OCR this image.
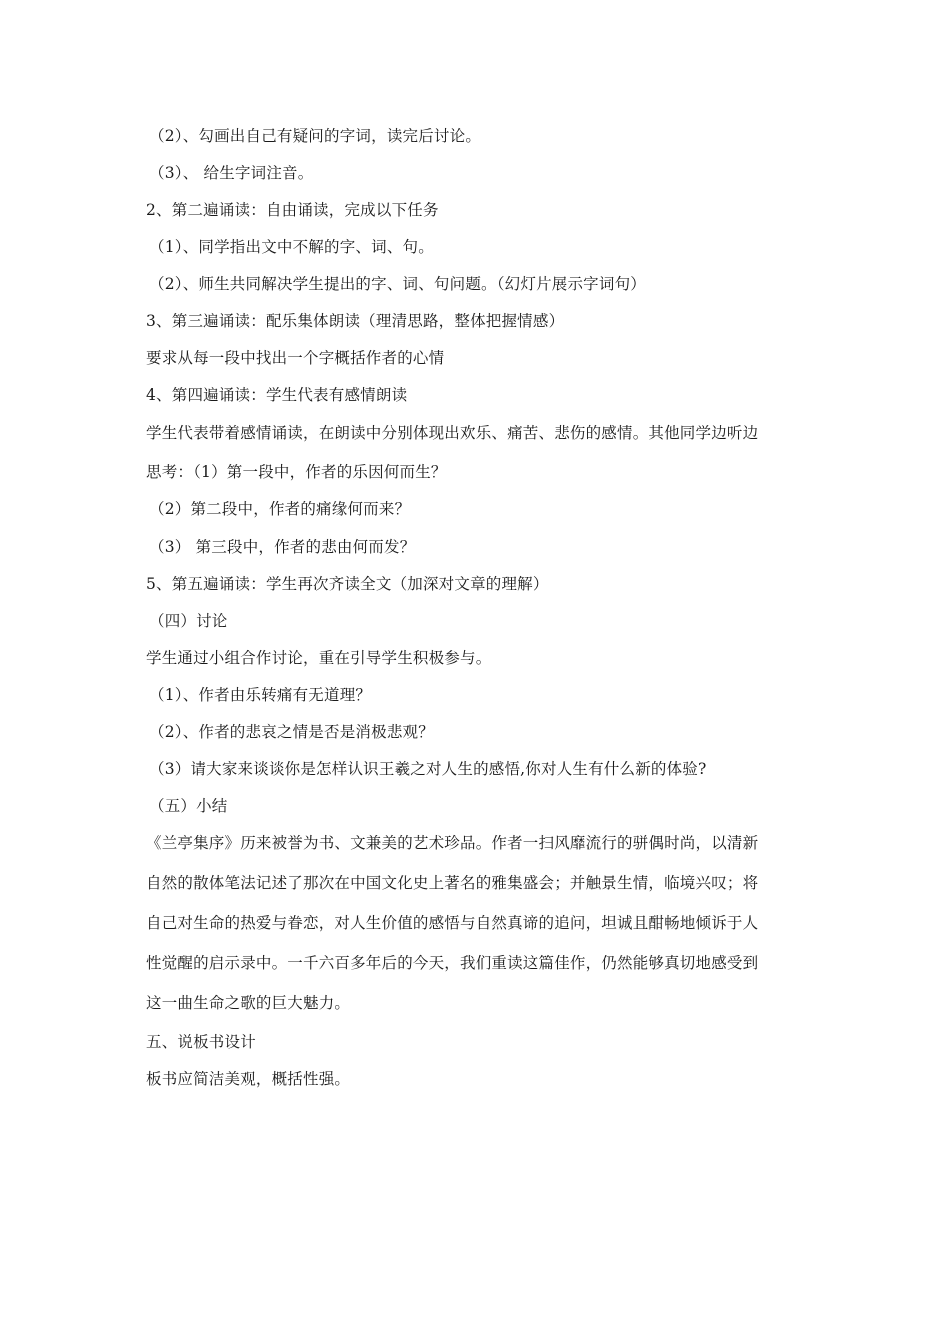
（2）、勾画出自己有疑问的字词，读完后讨论。
（3）、 给生字词注音。
2、第二遍诵读：自由诵读，完成以下任务
（1）、同学指出文中不解的字、词、句。
（2）、师生共同解决学生提出的字、词、句问题。（幻灯片展示字词句）
3、第三遍诵读：配乐集体朗读（理清思路，整体把握情感）
要求从每一段中找出一个字概括作者的心情
4、第四遍诵读：学生代表有感情朗读
学生代表带着感情诵读，在朗读中分别体现出欢乐、痛苦、悲伤的感情。其他同学边听边
思考：（1）第一段中，作者的乐因何而生？
（2）第二段中，作者的痛缘何而来？
（3） 第三段中，作者的悲由何而发？
5、第五遍诵读：学生再次齐读全文（加深对文章的理解）
（四）讨论
学生通过小组合作讨论，重在引导学生积极参与。
（1）、作者由乐转痛有无道理？
（2）、作者的悲哀之情是否是消极悲观？
（3）请大家来谈谈你是怎样认识王羲之对人生的感悟,你对人生有什么新的体验?
（五）小结
《兰亭集序》历来被誉为书、文兼美的艺术珍品。作者一扫风靡流行的骈偶时尚，以清新
自然的散体笔法记述了那次在中国文化史上著名的雅集盛会；并触景生情，临境兴叹；将
自己对生命的热爱与眷恋，对人生价值的感悟与自然真谛的追问，坦诚且酣畅地倾诉于人
性觉醒的启示录中。一千六百多年后的今天，我们重读这篇佳作，仍然能够真切地感受到
这一曲生命之歌的巨大魅力。
五、说板书设计
板书应简洁美观，概括性强。
